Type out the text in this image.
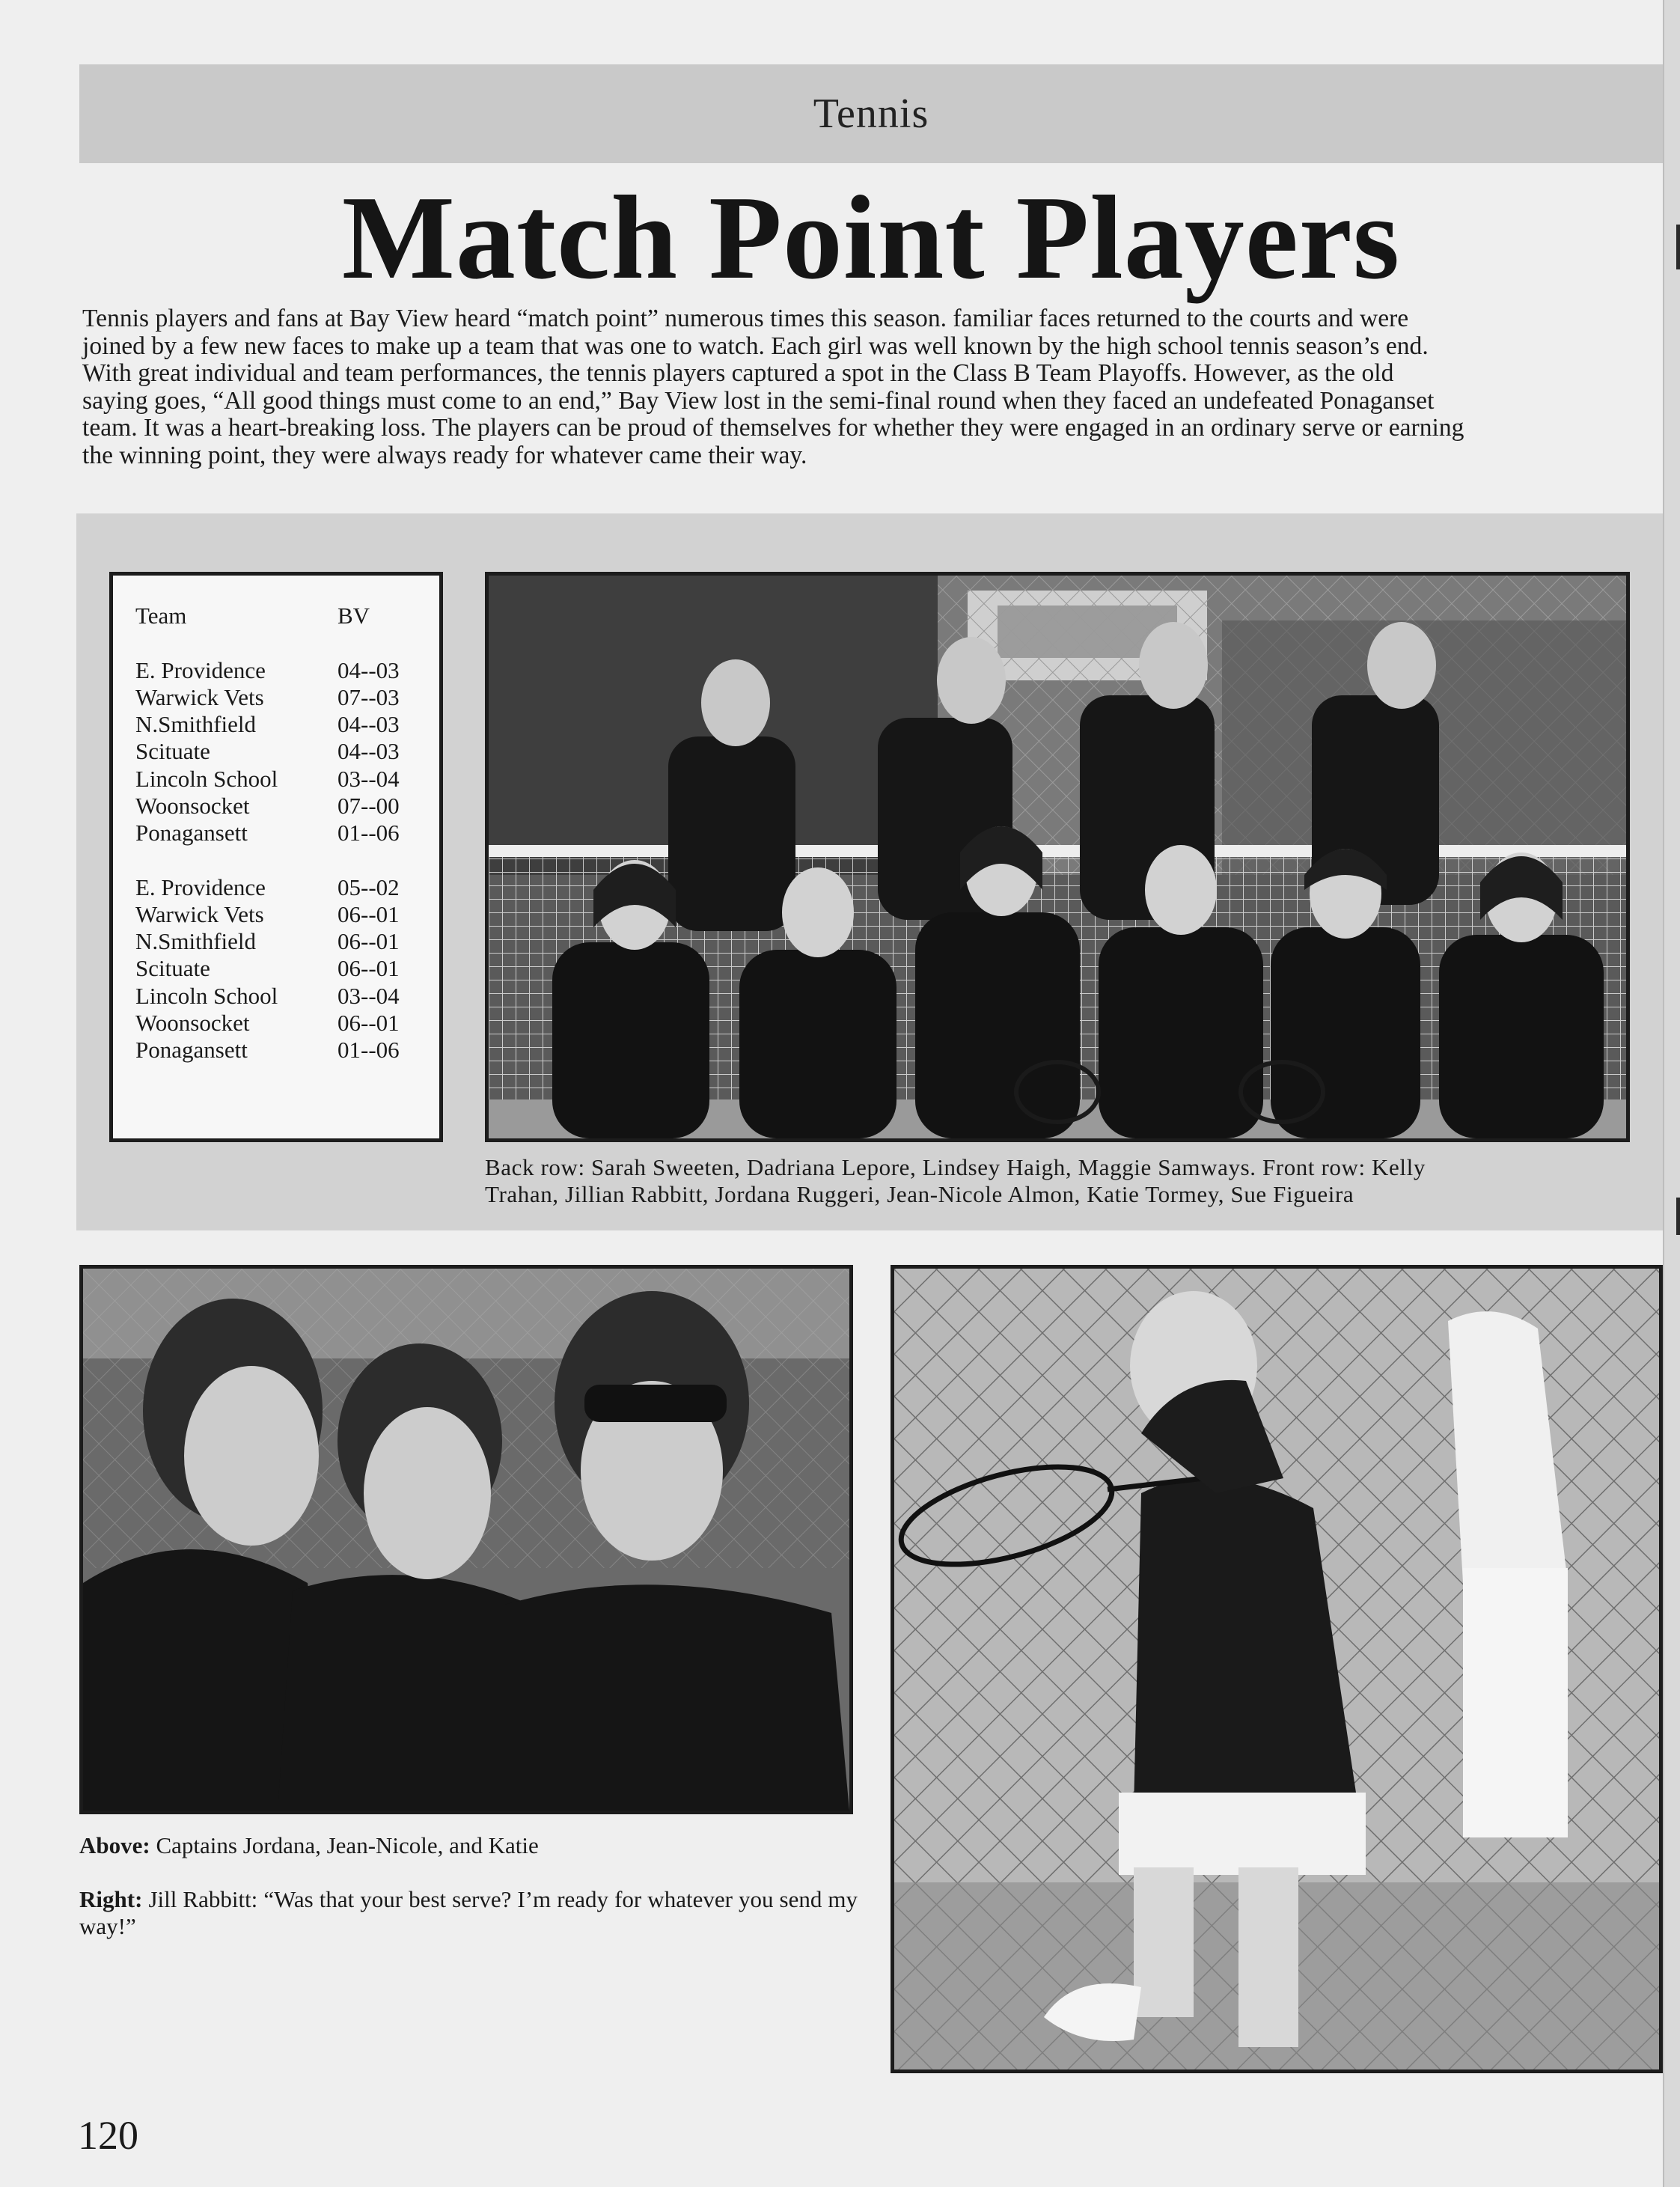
Tennis
Match Point Players
Tennis players and fans at Bay View heard “match point” numerous times this season. familiar faces returned to the courts and were
joined by a few new faces to make up a team that was one to watch. Each girl was well known by the high school tennis season’s end.
With great individual and team performances, the tennis players captured a spot in the Class B Team Playoffs. However, as the old
saying goes, “All good things must come to an end,” Bay View lost in the semi-final round when they faced an undefeated Ponaganset
team. It was a heart-breaking loss. The players can be proud of themselves for whether they were engaged in an ordinary serve or earning
the winning point, they were always ready for whatever came their way.
Team	BV
E. Providence	04--03
Warwick Vets	07--03
N.Smithfield	04--03
Scituate	04--03
Lincoln School	03--04
Woonsocket	07--00
Ponagansett	01--06
E. Providence	05--02
Warwick Vets	06--01
N.Smithfield	06--01
Scituate	06--01
Lincoln School	03--04
Woonsocket	06--01
Ponagansett	01--06
Back row: Sarah Sweeten, Dadriana Lepore, Lindsey Haigh, Maggie Samways. Front row: Kelly
Trahan, Jillian Rabbitt, Jordana Ruggeri, Jean-Nicole Almon, Katie Tormey, Sue Figueira
Above: Captains Jordana, Jean-Nicole, and Katie
Right: Jill Rabbitt: “Was that your best serve? I’m ready for whatever you send my way!”
120
